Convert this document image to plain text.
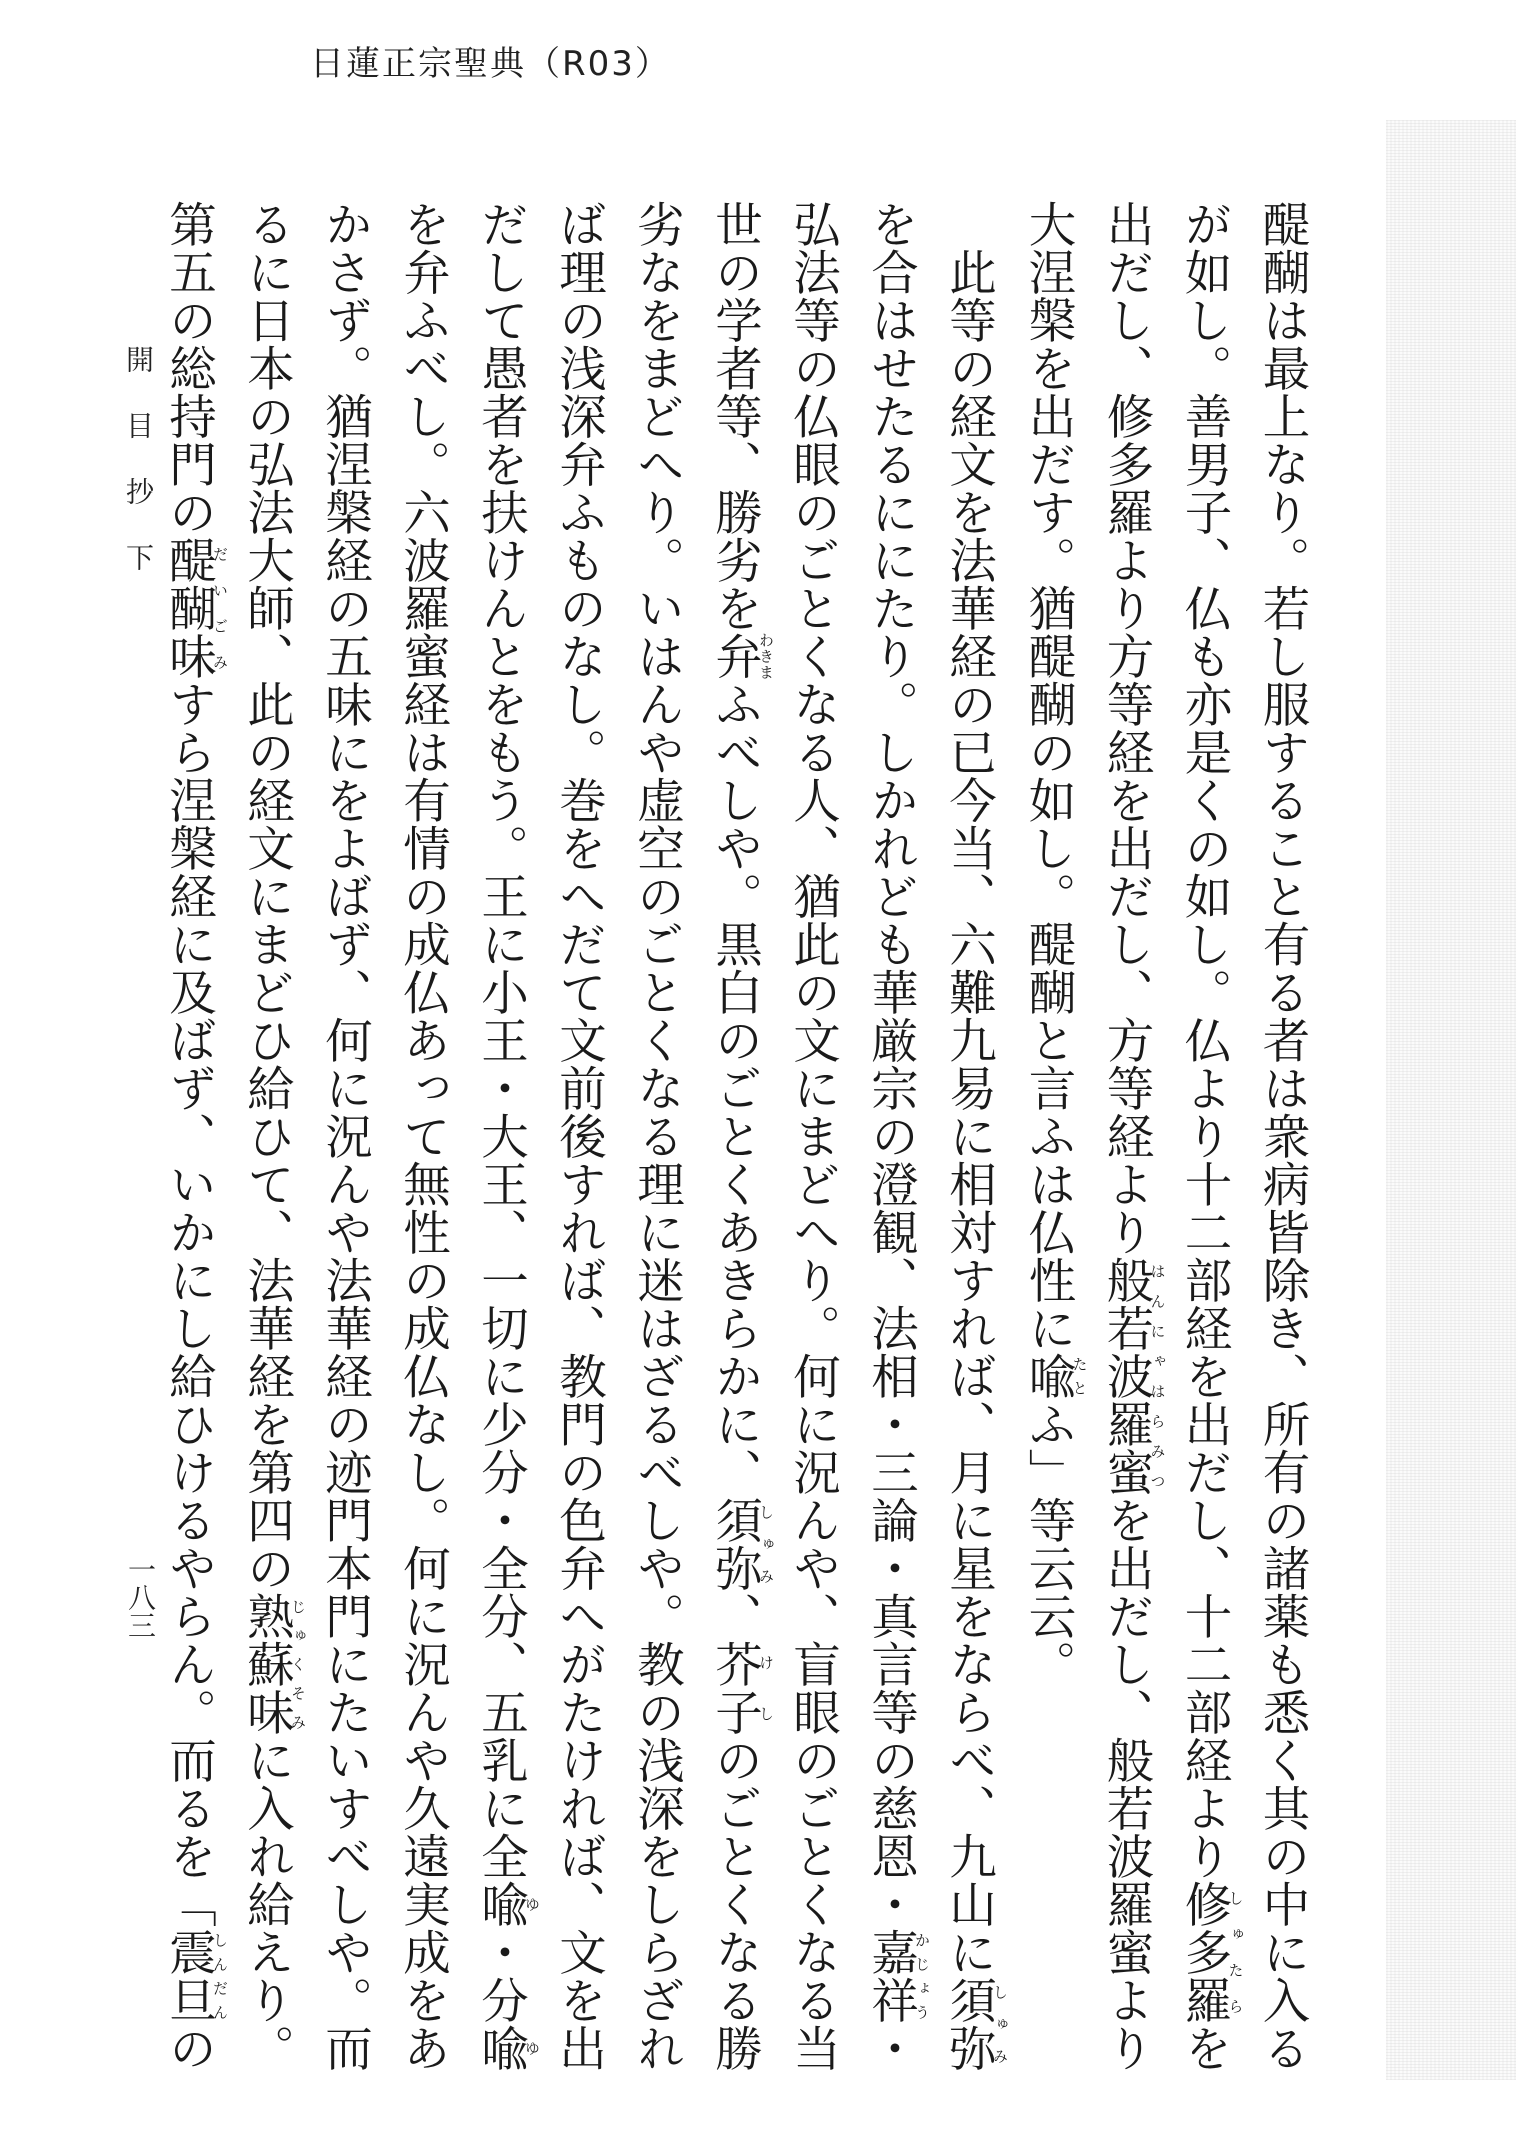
日蓮正宗聖典（R03）

醍醐は最上なり。若し服すること有る者は衆病皆除き、所有の諸薬も悉く其の中に入るが如し。善男子、仏も亦是くの如し。仏より十二部経を出だし、十二部経より修多羅しゅたらを出だし、修多羅より方等経を出だし、方等経より般若波羅蜜はんにゃはらみつを出だし、般若波羅蜜より大涅槃を出だす。猶醍醐の如し。醍醐と言ふは仏性に喩たとふ」等云云。

此等の経文を法華経の已今当、六難九易に相対すれば、月に星をならべ、九山に須弥しゅみを合はせたるににたり。しかれども華厳宗の澄観、法相・三論・真言等の慈恩・嘉祥かじょう・弘法等の仏眼のごとくなる人、猶此の文にまどへり。何に況んや、盲眼のごとくなる当世の学者等、勝劣を弁わきまふべしや。黒白のごとくあきらかに、須弥しゅみ、芥子けしのごとくなる勝劣なをまどへり。いはんや虚空のごとくなる理に迷はざるべしや。教の浅深をしらざれば理の浅深弁ふものなし。巻をへだて文前後すれば、教門の色弁へがたければ、文を出だして愚者を扶けんとをもう。王に小王・大王、一切に少分・全分、五乳に全喩ゆ・分喩ゆを弁ふべし。六波羅蜜経は有情の成仏あって無性の成仏なし。何に況んや久遠実成をあかさず。猶涅槃経の五味にをよばず、何に況んや法華経の迹門本門にたいすべしや。而るに日本の弘法大師、此の経文にまどひ給ひて、法華経を第四の熟蘇味じゅくそみに入れ給えり。第五の総持門の醍醐味だいごみすら涅槃経に及ばず、いかにし給ひけるやらん。而るを「震旦しんだんの

開目抄下
一八三
